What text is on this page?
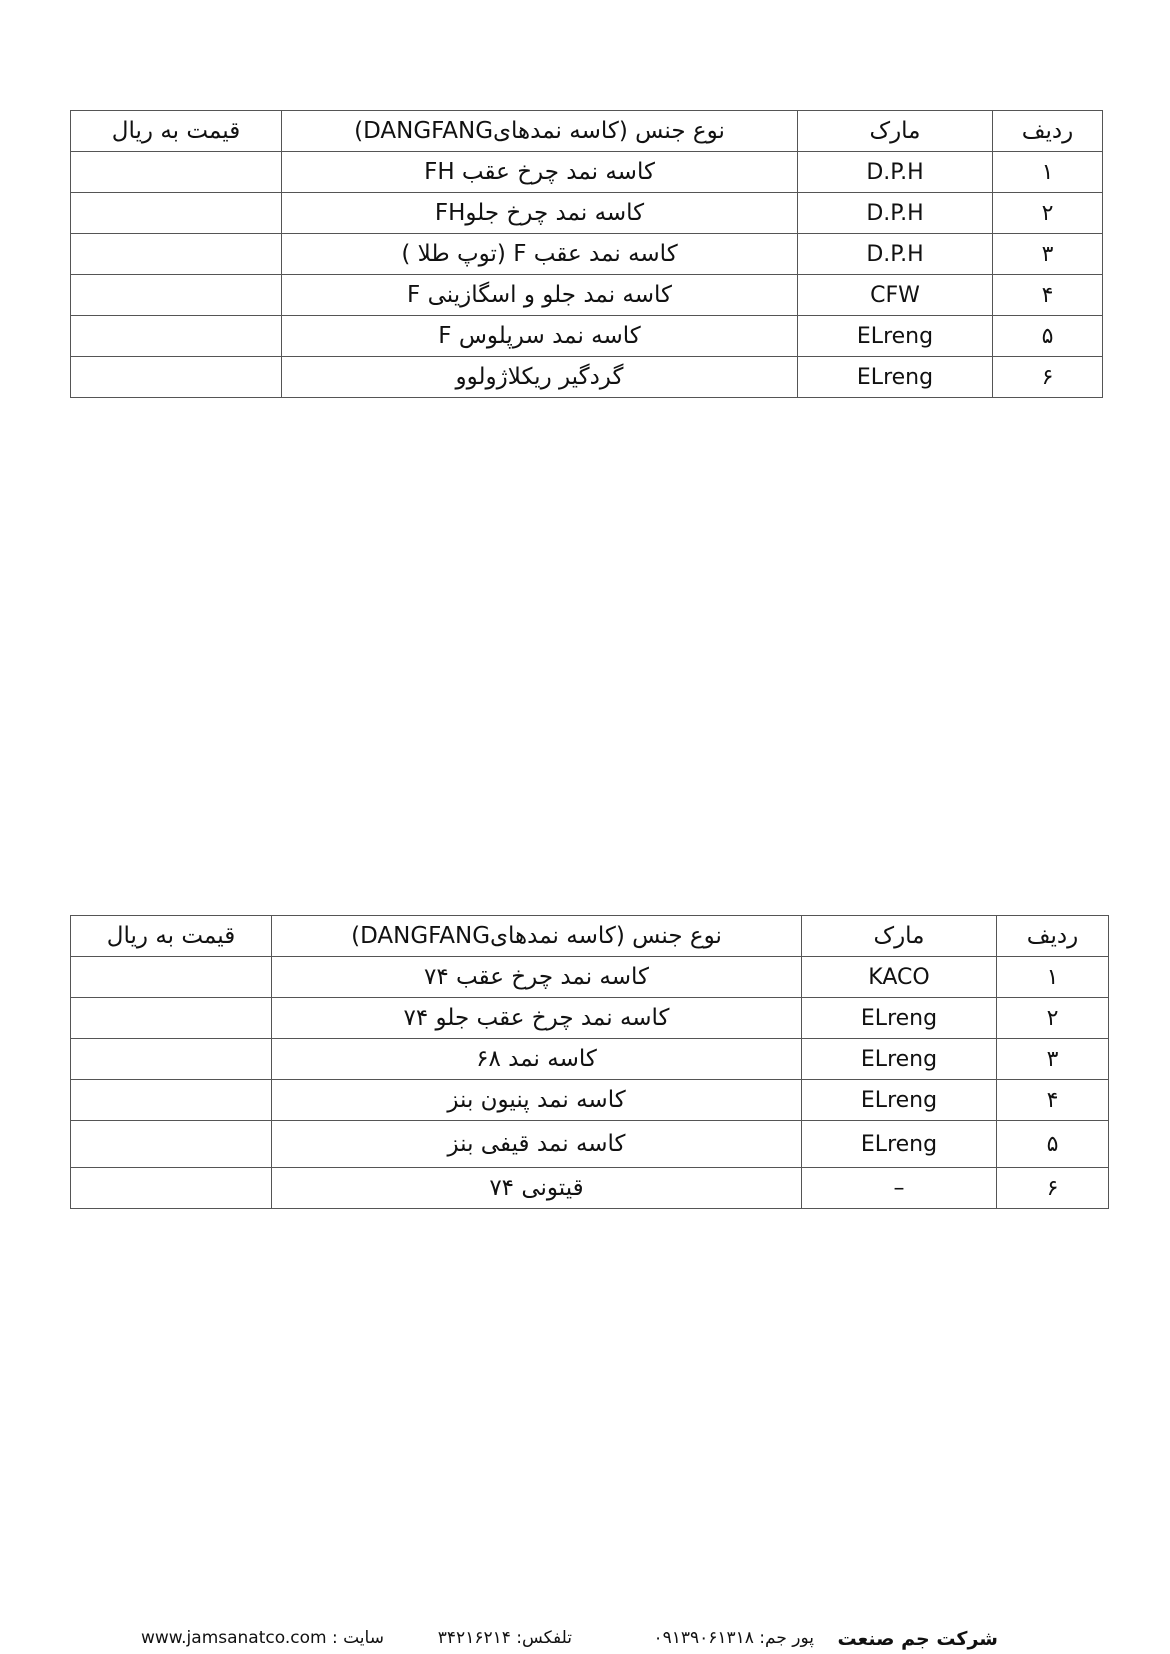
ردیف	مارک	نوع جنس (کاسه نمدهایDANGFANG)	قیمت به ریال
۱	D.P.H	کاسه نمد چرخ عقب FH	
۲	D.P.H	کاسه نمد چرخ جلوFH	
۳	D.P.H	کاسه نمد عقب F (توپ طلا )	
۴	CFW	کاسه نمد جلو و اسگازینی F	
۵	ELreng	کاسه نمد سرپلوس F	
۶	ELreng	گردگیر ریکلاژولوو	
ردیف	مارک	نوع جنس (کاسه نمدهایDANGFANG)	قیمت به ریال
۱	KACO	کاسه نمد چرخ عقب ۷۴	
۲	ELreng	کاسه نمد چرخ عقب جلو ۷۴	
۳	ELreng	کاسه نمد ۶۸	
۴	ELreng	کاسه نمد پنیون بنز	
۵	ELreng	کاسه نمد قیفی بنز	
۶	–	قیتونی ۷۴	
شرکت جم صنعت
پور جم: ۰۹۱۳۹۰۶۱۳۱۸
تلفکس: ۳۴۲۱۶۲۱۴
www.jamsanatco.com : سایت
